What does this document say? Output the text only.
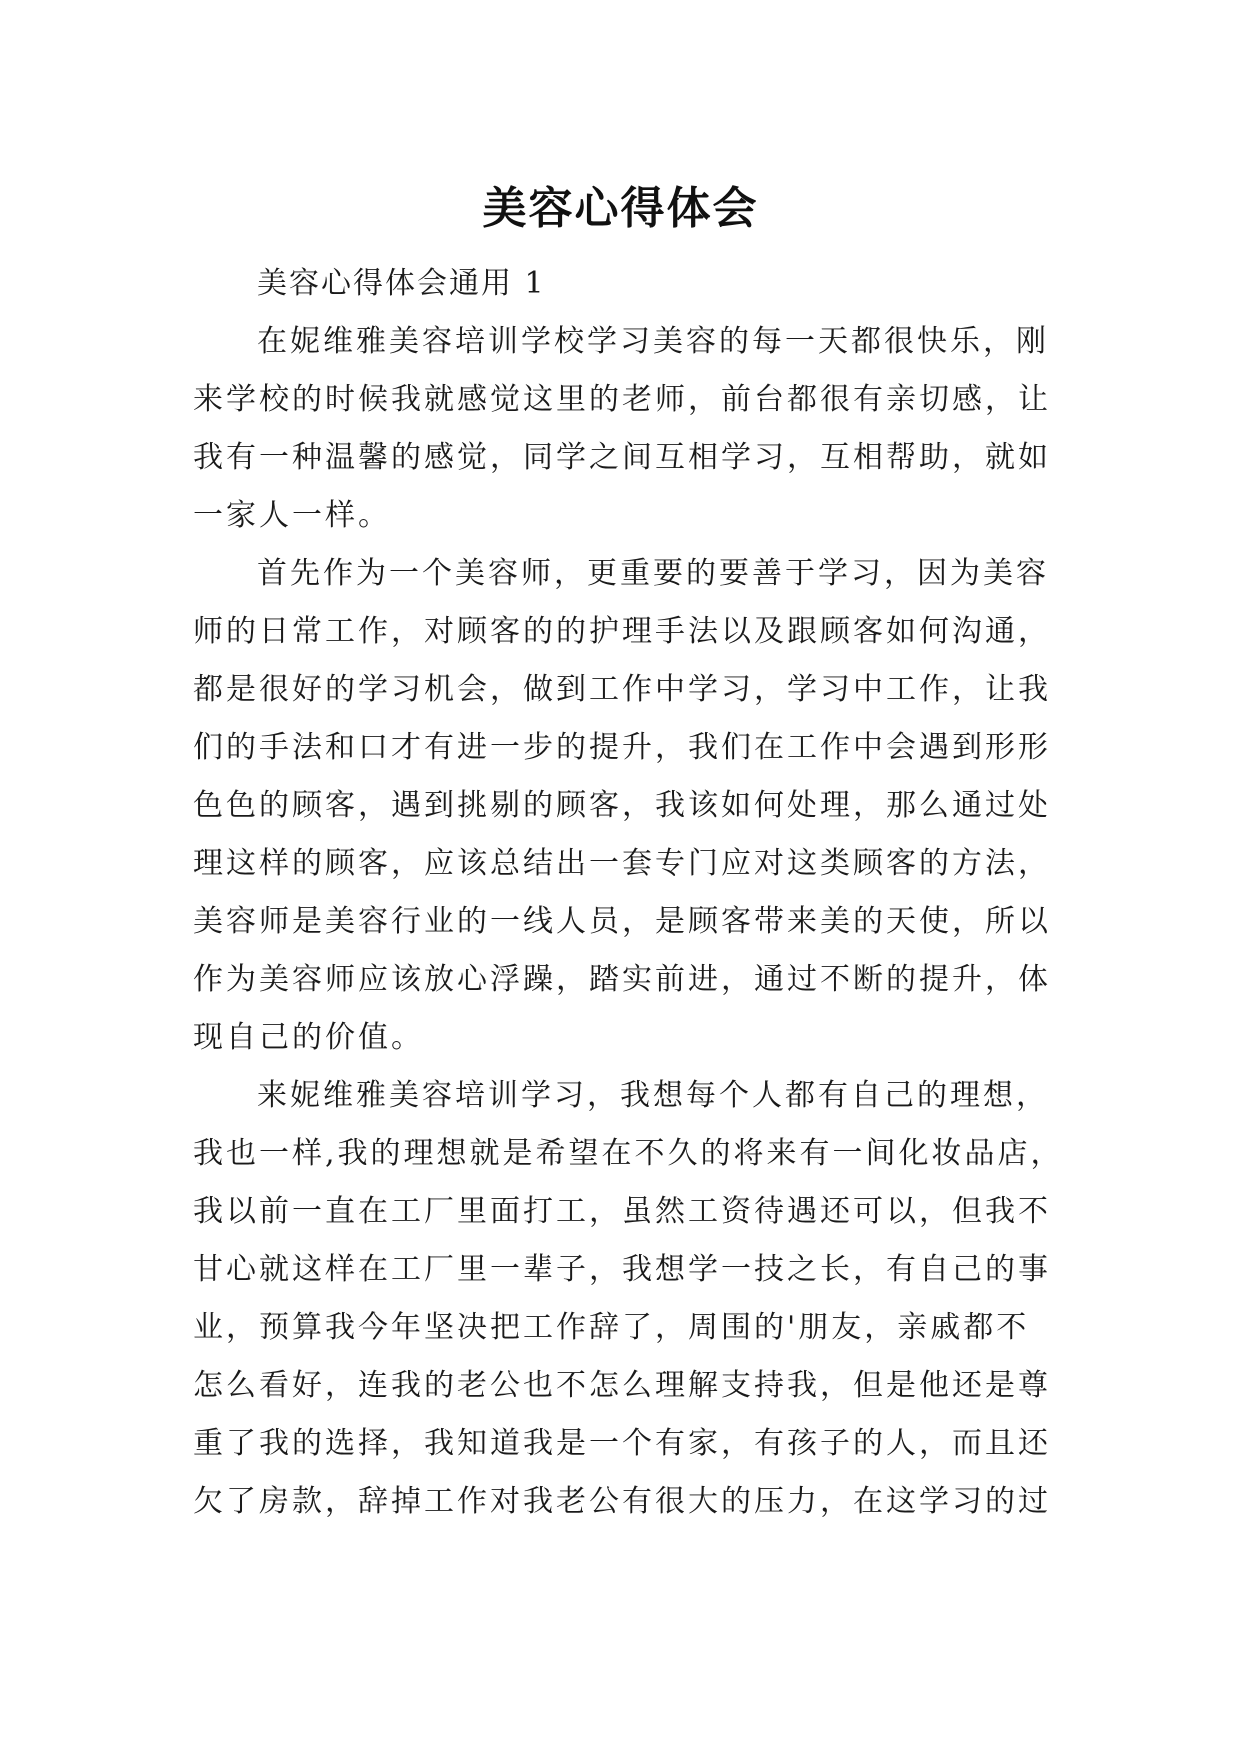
美容心得体会

美容心得体会通用 1

在妮维雅美容培训学校学习美容的每一天都很快乐，刚
来学校的时候我就感觉这里的老师，前台都很有亲切感，让
我有一种温馨的感觉，同学之间互相学习，互相帮助，就如
一家人一样。
首先作为一个美容师，更重要的要善于学习，因为美容
师的日常工作，对顾客的的护理手法以及跟顾客如何沟通，
都是很好的学习机会，做到工作中学习，学习中工作，让我
们的手法和口才有进一步的提升，我们在工作中会遇到形形
色色的顾客，遇到挑剔的顾客，我该如何处理，那么通过处
理这样的顾客，应该总结出一套专门应对这类顾客的方法，
美容师是美容行业的一线人员，是顾客带来美的天使，所以
作为美容师应该放心浮躁，踏实前进，通过不断的提升，体
现自己的价值。
来妮维雅美容培训学习，我想每个人都有自己的理想，
我也一样,我的理想就是希望在不久的将来有一间化妆品店，
我以前一直在工厂里面打工，虽然工资待遇还可以，但我不
甘心就这样在工厂里一辈子，我想学一技之长，有自己的事
业，预算我今年坚决把工作辞了，周围的'朋友，亲戚都不
怎么看好，连我的老公也不怎么理解支持我，但是他还是尊
重了我的选择，我知道我是一个有家，有孩子的人，而且还
欠了房款，辞掉工作对我老公有很大的压力，在这学习的过
